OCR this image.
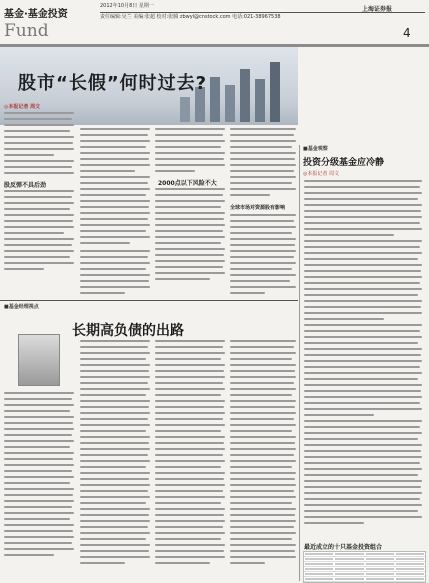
基金·基金投资
Fund
2012年10月8日 星期一
责任编辑:吴兰 美编:张超 校对:张腾 zbwyl@cnstock.com 电话:021-38967538
上海证券报
4
股市“长假”何时过去?
◎本报记者 周文
股反弹不具后劲	2000点以下风险不大
全球市场对资源股有影响
■基金观察
投资分级基金应冷静
◎本报记者 周文
最近成立的十只基金投资组合
■基金经理视点
长期高负债的出路
